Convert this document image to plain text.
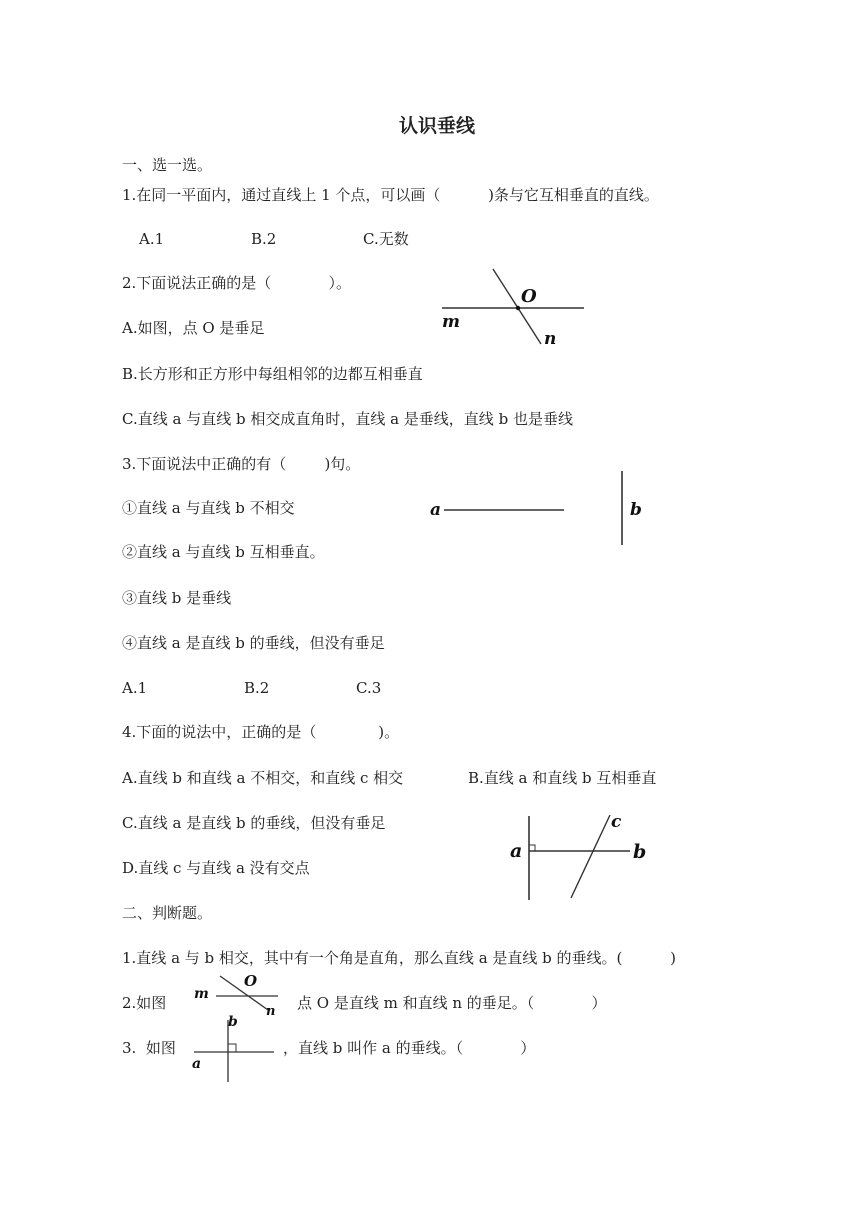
认识垂线
一、选一选。
1.在同一平面内，通过直线上 1 个点，可以画（          )条与它互相垂直的直线。
A.1	B.2	C.无数
2.下面说法正确的是（            ）。
A.如图，点 O 是垂足
B.长方形和正方形中每组相邻的边都互相垂直
C.直线 a 与直线 b 相交成直角时，直线 a 是垂线，直线 b 也是垂线
O
m
n
3.下面说法中正确的有（        )句。
①直线 a 与直线 b 不相交
②直线 a 与直线 b 互相垂直。
③直线 b 是垂线
④直线 a 是直线 b 的垂线，但没有垂足
A.1	B.2	C.3
a	b
4.下面的说法中，正确的是（             )。
A.直线 b 和直线 a 不相交，和直线 c 相交	B.直线 a 和直线 b 互相垂直
C.直线 a 是直线 b 的垂线，但没有垂足
D.直线 c 与直线 a 没有交点
a	b
c
二、判断题。
1.直线 a 与 b 相交，其中有一个角是直角，那么直线 a 是直线 b 的垂线。(          )
2.如图 m
O
n 点 O 是直线 m 和直线 n 的垂足。（            ）
3.  如图
a
b
，直线 b 叫作 a 的垂线。（            ）
